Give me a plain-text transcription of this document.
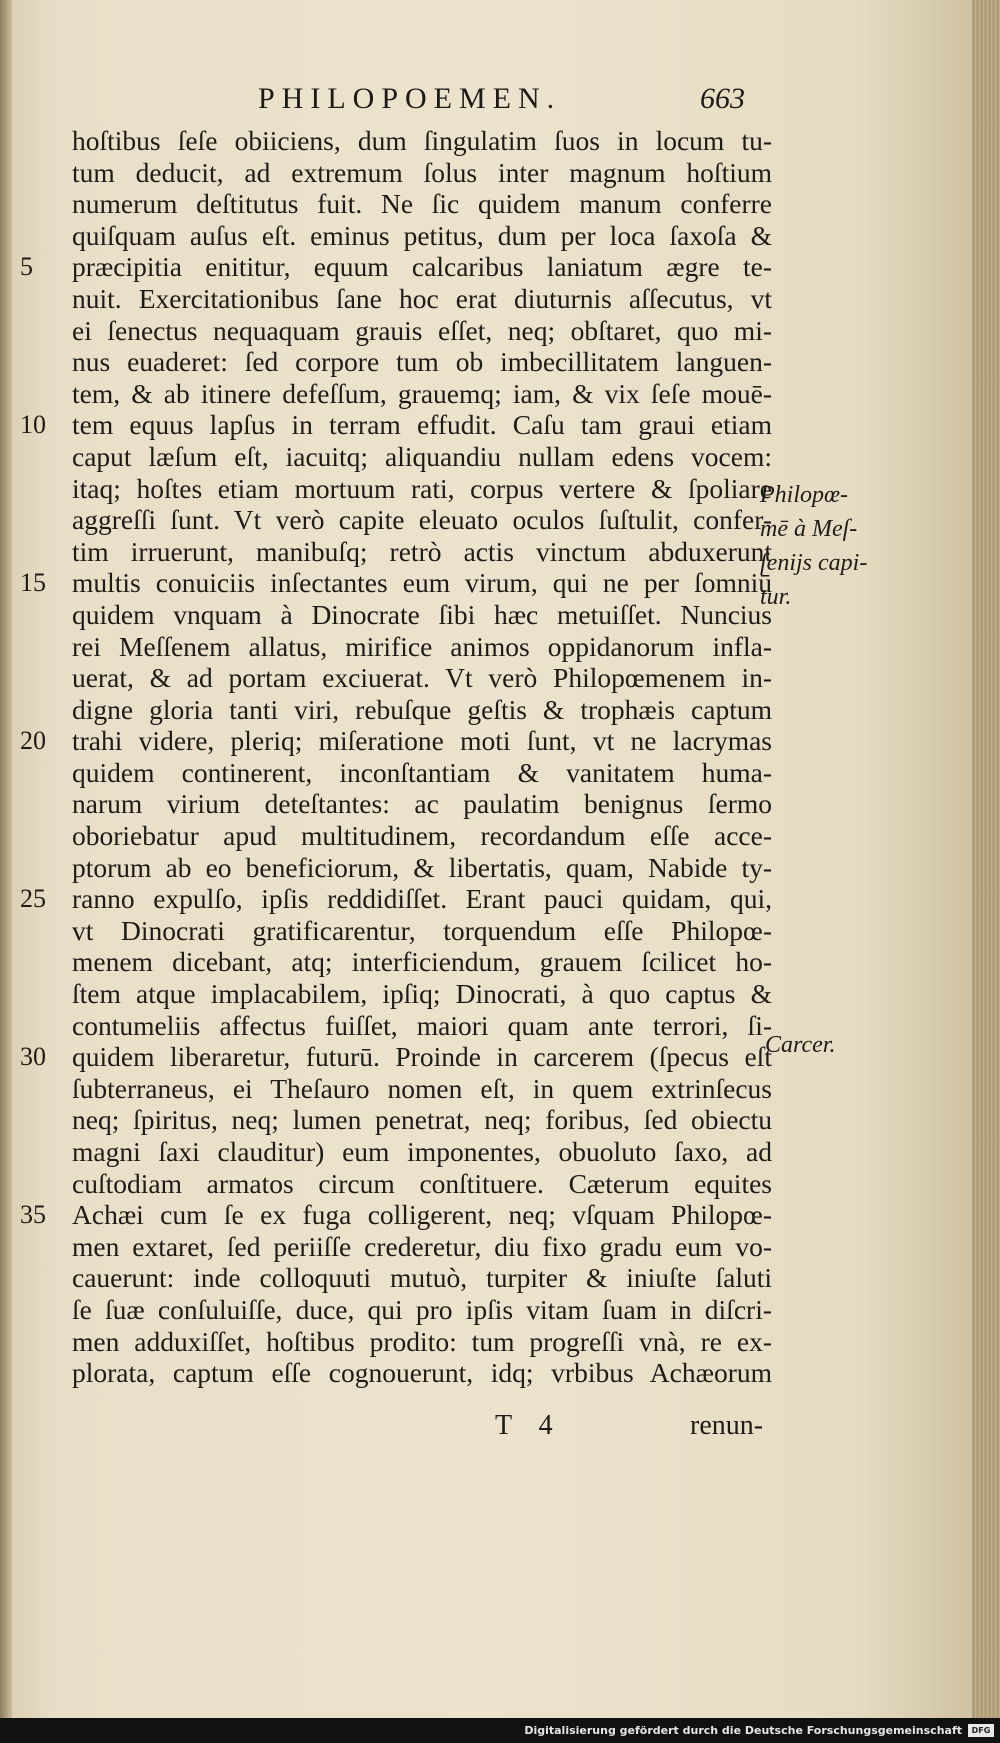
PHILOPOEMEN.	663
hoſtibus ſeſe obiiciens, dum ſingulatim ſuos in locum tu-
tum deducit, ad extremum ſolus inter magnum hoſtium
numerum deſtitutus fuit. Ne ſic quidem manum conferre
quiſquam auſus eſt. eminus petitus, dum per loca ſaxoſa &
5	præcipitia enititur, equum calcaribus laniatum ægre te-
nuit. Exercitationibus ſane hoc erat diuturnis aſſecutus, vt
ei ſenectus nequaquam grauis eſſet, neq; obſtaret, quo mi-
nus euaderet: ſed corpore tum ob imbecillitatem languen-
tem, & ab itinere defeſſum, grauemq; iam, & vix ſeſe mouē-
10 tem equus lapſus in terram effudit. Caſu tam graui etiam
caput læſum eſt, iacuitq; aliquandiu nullam edens vocem:
itaq; hoſtes etiam mortuum rati, corpus vertere & ſpoliare
aggreſſi ſunt. Vt verò capite eleuato oculos ſuſtulit, confer-
tim irruerunt, manibuſq; retrò actis vinctum abduxerunt
15 multis conuiciis inſectantes eum virum, qui ne per ſomniū
quidem vnquam à Dinocrate ſibi hæc metuiſſet. Nuncius
rei Meſſenem allatus, mirifice animos oppidanorum infla-
uerat, & ad portam exciuerat. Vt verò Philopœmenem in-
digne gloria tanti viri, rebuſque geſtis & trophæis captum
20 trahi videre, pleriq; miſeratione moti ſunt, vt ne lacrymas
quidem continerent, inconſtantiam & vanitatem huma-
narum virium deteſtantes: ac paulatim benignus ſermo
oboriebatur apud multitudinem, recordandum eſſe acce-
ptorum ab eo beneficiorum, & libertatis, quam, Nabide ty-
25 ranno expulſo, ipſis reddidiſſet. Erant pauci quidam, qui,
vt Dinocrati gratificarentur, torquendum eſſe Philopœ-
menem dicebant, atq; interficiendum, grauem ſcilicet ho-
ſtem atque implacabilem, ipſiq; Dinocrati, à quo captus &
contumeliis affectus fuiſſet, maiori quam ante terrori, ſi-
30 quidem liberaretur, futurū. Proinde in carcerem (ſpecus eſt
ſubterraneus, ei Theſauro nomen eſt, in quem extrinſecus
neq; ſpiritus, neq; lumen penetrat, neq; foribus, ſed obiectu
magni ſaxi clauditur) eum imponentes, obuoluto ſaxo, ad
cuſtodiam armatos circum conſtituere. Cæterum equites
35 Achæi cum ſe ex fuga colligerent, neq; vſquam Philopœ-
men extaret, ſed periiſſe crederetur, diu fixo gradu eum vo-
cauerunt: inde colloquuti mutuò, turpiter & iniuſte ſaluti
ſe ſuæ conſuluiſſe, duce, qui pro ipſis vitam ſuam in diſcri-
men adduxiſſet, hoſtibus prodito: tum progreſſi vnà, re ex-
plorata, captum eſſe cognouerunt, idq; vrbibus Achæorum
Philopœ-
mē à Meſ-
ſenijs capi-
tur.
Carcer.
T 4	renun-
Digitalisierung gefördert durch die Deutsche Forschungsgemeinschaft	DFG
